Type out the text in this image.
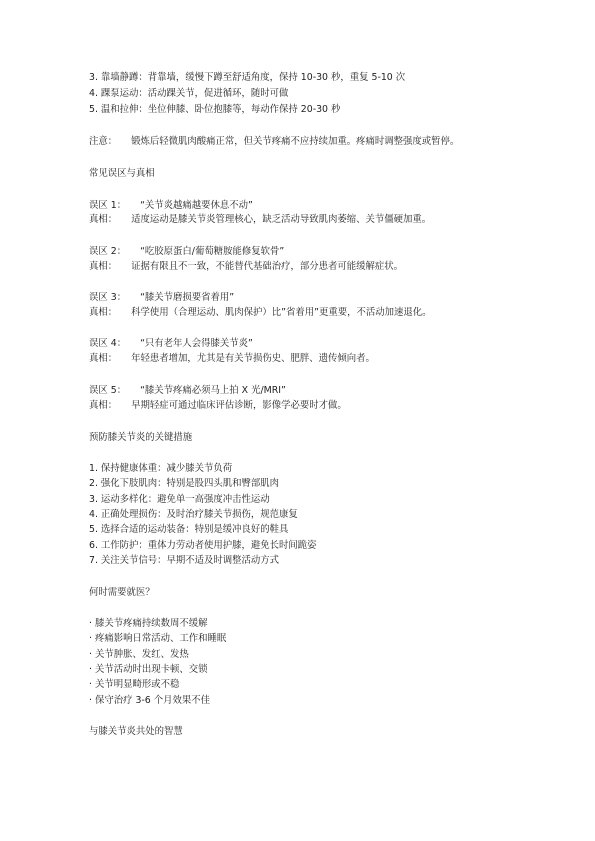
3. 靠墙静蹲：背靠墙，缓慢下蹲至舒适角度，保持 10-30 秒，重复 5-10 次
4. 踝泵运动：活动踝关节，促进循环，随时可做
5. 温和拉伸：坐位伸膝、卧位抱膝等，每动作保持 20-30 秒
注意： 锻炼后轻微肌肉酸痛正常，但关节疼痛不应持续加重。疼痛时调整强度或暂停。
常见误区与真相
误区 1： “关节炎越痛越要休息不动”
真相： 适度运动是膝关节炎管理核心，缺乏活动导致肌肉萎缩、关节僵硬加重。
误区 2： “吃胶原蛋白/葡萄糖胺能修复软骨”
真相： 证据有限且不一致，不能替代基础治疗，部分患者可能缓解症状。
误区 3： “膝关节磨损要省着用”
真相： 科学使用（合理运动、肌肉保护）比”省着用”更重要，不活动加速退化。
误区 4： “只有老年人会得膝关节炎”
真相： 年轻患者增加，尤其是有关节损伤史、肥胖、遗传倾向者。
误区 5： “膝关节疼痛必须马上拍 X 光/MRI”
真相： 早期轻症可通过临床评估诊断，影像学必要时才做。
预防膝关节炎的关键措施
1. 保持健康体重：减少膝关节负荷
2. 强化下肢肌肉：特别是股四头肌和臀部肌肉
3. 运动多样化：避免单一高强度冲击性运动
4. 正确处理损伤：及时治疗膝关节损伤，规范康复
5. 选择合适的运动装备：特别是缓冲良好的鞋具
6. 工作防护：重体力劳动者使用护膝，避免长时间跪姿
7. 关注关节信号：早期不适及时调整活动方式
何时需要就医？
· 膝关节疼痛持续数周不缓解
· 疼痛影响日常活动、工作和睡眠
· 关节肿胀、发红、发热
· 关节活动时出现卡顿、交锁
· 关节明显畸形或不稳
· 保守治疗 3-6 个月效果不佳
与膝关节炎共处的智慧
